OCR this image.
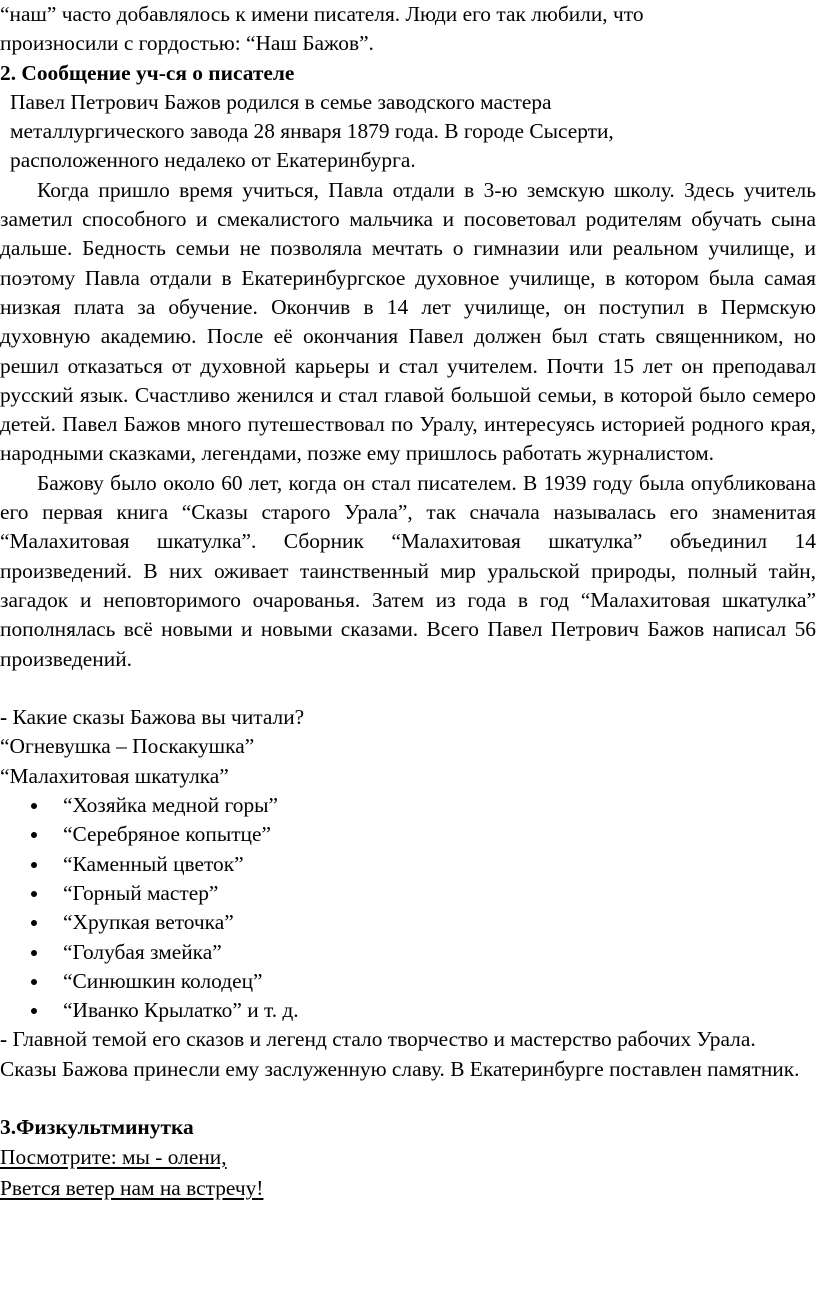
“наш” часто добавлялось к имени писателя. Люди его так любили, что

произносили с гордостью: “Наш Бажов”.

2. Сообщение уч-ся о писателе

Павел Петрович Бажов родился в семье заводского мастера металлургического завода 28 января 1879 года. В городе Сысерти, расположенного недалеко от Екатеринбурга.

Когда пришло время учиться, Павла отдали в 3-ю земскую школу. Здесь учитель заметил способного и смекалистого мальчика и посоветовал родителям обучать сына дальше. Бедность семьи не позволяла мечтать о гимназии или реальном училище, и поэтому Павла отдали в Екатеринбургское духовное училище, в котором была самая низкая плата за обучение. Окончив в 14 лет училище, он поступил в Пермскую духовную академию. После её окончания Павел должен был стать священником, но решил отказаться от духовной карьеры и стал учителем. Почти 15 лет он преподавал русский язык. Счастливо женился и стал главой большой семьи, в которой было семеро детей. Павел Бажов много путешествовал по Уралу, интересуясь историей родного края, народными сказками, легендами, позже ему пришлось работать журналистом.

Бажову было около 60 лет, когда он стал писателем. В 1939 году была опубликована его первая книга “Сказы старого Урала”, так сначала называлась его знаменитая “Малахитовая шкатулка”. Сборник “Малахитовая шкатулка” объединил 14 произведений. В них оживает таинственный мир уральской природы, полный тайн, загадок и неповторимого очарованья. Затем из года в год “Малахитовая шкатулка” пополнялась всё новыми и новыми сказами. Всего Павел Петрович Бажов написал 56 произведений.

- Какие сказы Бажова вы читали?

“Огневушка – Поскакушка”

“Малахитовая шкатулка”

“Хозяйка медной горы”
“Серебряное копытце”
“Каменный цветок”
“Горный мастер”
“Хрупкая веточка”
“Голубая змейка”
“Синюшкин колодец”
“Иванко Крылатко” и т. д.

- Главной темой его сказов и легенд стало творчество и мастерство рабочих Урала. Сказы Бажова принесли ему заслуженную славу. В Екатеринбурге поставлен памятник.

3.Физкультминутка

Посмотрите: мы - олени,

Рвется ветер нам на встречу!
